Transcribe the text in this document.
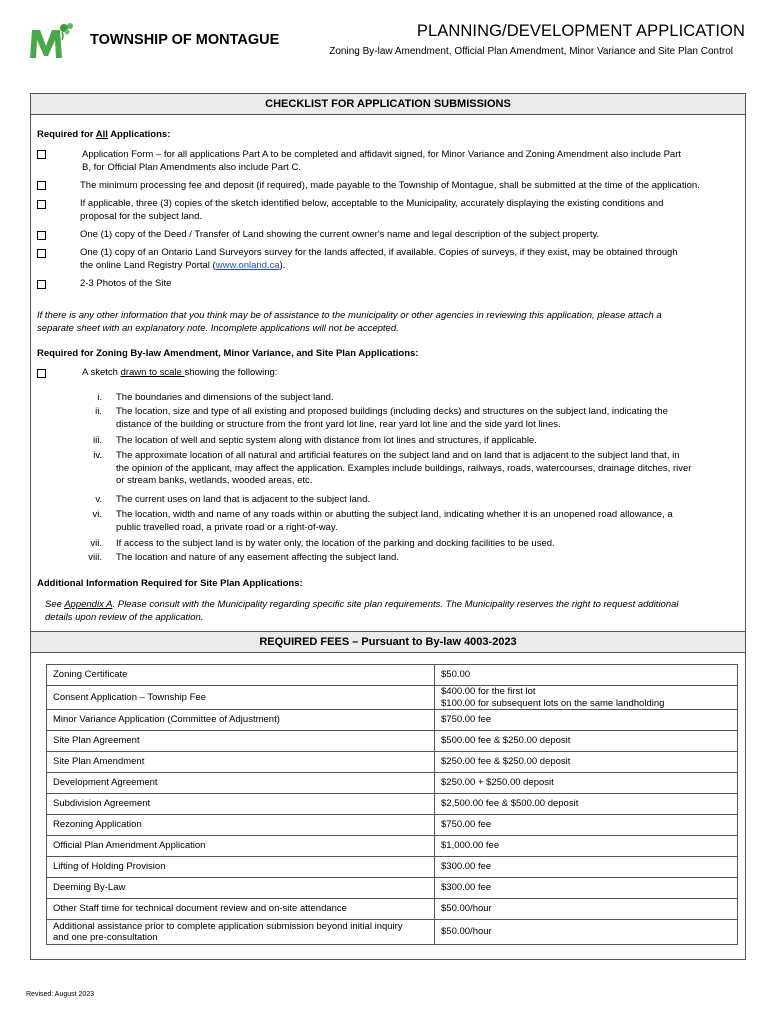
TOWNSHIP OF MONTAGUE	PLANNING/DEVELOPMENT APPLICATION
Zoning By-law Amendment, Official Plan Amendment, Minor Variance and Site Plan Control
CHECKLIST FOR APPLICATION SUBMISSIONS
Required for All Applications:
Application Form – for all applications Part A to be completed and affidavit signed, for Minor Variance and Zoning Amendment also include Part
B, for Official Plan Amendments also include Part C.
The minimum processing fee and deposit (if required), made payable to the Township of Montague, shall be submitted at the time of the application.
If applicable, three (3) copies of the sketch identified below, acceptable to the Municipality, accurately displaying the existing conditions and
proposal for the subject land.
One (1) copy of the Deed / Transfer of Land showing the current owner's name and legal description of the subject property.
One (1) copy of an Ontario Land Surveyors survey for the lands affected, if available. Copies of surveys, if they exist, may be obtained through
the online Land Registry Portal (www.onland.ca).
2-3 Photos of the Site
If there is any other information that you think may be of assistance to the municipality or other agencies in reviewing this application, please attach a
separate sheet with an explanatory note. Incomplete applications will not be accepted.
Required for Zoning By-law Amendment, Minor Variance, and Site Plan Applications:
A sketch drawn to scale showing the following:
i. The boundaries and dimensions of the subject land.
ii. The location, size and type of all existing and proposed buildings (including decks) and structures on the subject land, indicating the
distance of the building or structure from the front yard lot line, rear yard lot line and the side yard lot lines.
iii. The location of well and septic system along with distance from lot lines and structures, if applicable.
iv. The approximate location of all natural and artificial features on the subject land and on land that is adjacent to the subject land that, in
the opinion of the applicant, may affect the application. Examples include buildings, railways, roads, watercourses, drainage ditches, river
or stream banks, wetlands, wooded areas, etc.
v. The current uses on land that is adjacent to the subject land.
vi. The location, width and name of any roads within or abutting the subject land, indicating whether it is an unopened road allowance, a
public travelled road, a private road or a right-of-way.
vii. If access to the subject land is by water only, the location of the parking and docking facilities to be used.
viii. The location and nature of any easement affecting the subject land.
Additional Information Required for Site Plan Applications:
See Appendix A. Please consult with the Municipality regarding specific site plan requirements. The Municipality reserves the right to request additional
details upon review of the application.
REQUIRED FEES – Pursuant to By-law 4003-2023
Zoning Certificate	$50.00
Consent Application – Township Fee	$400.00 for the first lot
$100.00 for subsequent lots on the same landholding

Minor Variance Application (Committee of Adjustment)	$750.00 fee
Site Plan Agreement	$500.00 fee & $250.00 deposit
Site Plan Amendment	$250.00 fee & $250.00 deposit
Development Agreement	$250.00 + $250.00 deposit
Subdivision Agreement	$2,500.00 fee & $500.00 deposit
Rezoning Application	$750.00 fee
Official Plan Amendment Application	$1,000.00 fee
Lifting of Holding Provision	$300.00 fee
Deeming By-Law	$300.00 fee
Other Staff time for technical document review and on-site attendance	$50.00/hour

Additional assistance prior to complete application submission beyond initial inquiry
and one pre-consultation	$50.00/hour
Revised: August 2023
